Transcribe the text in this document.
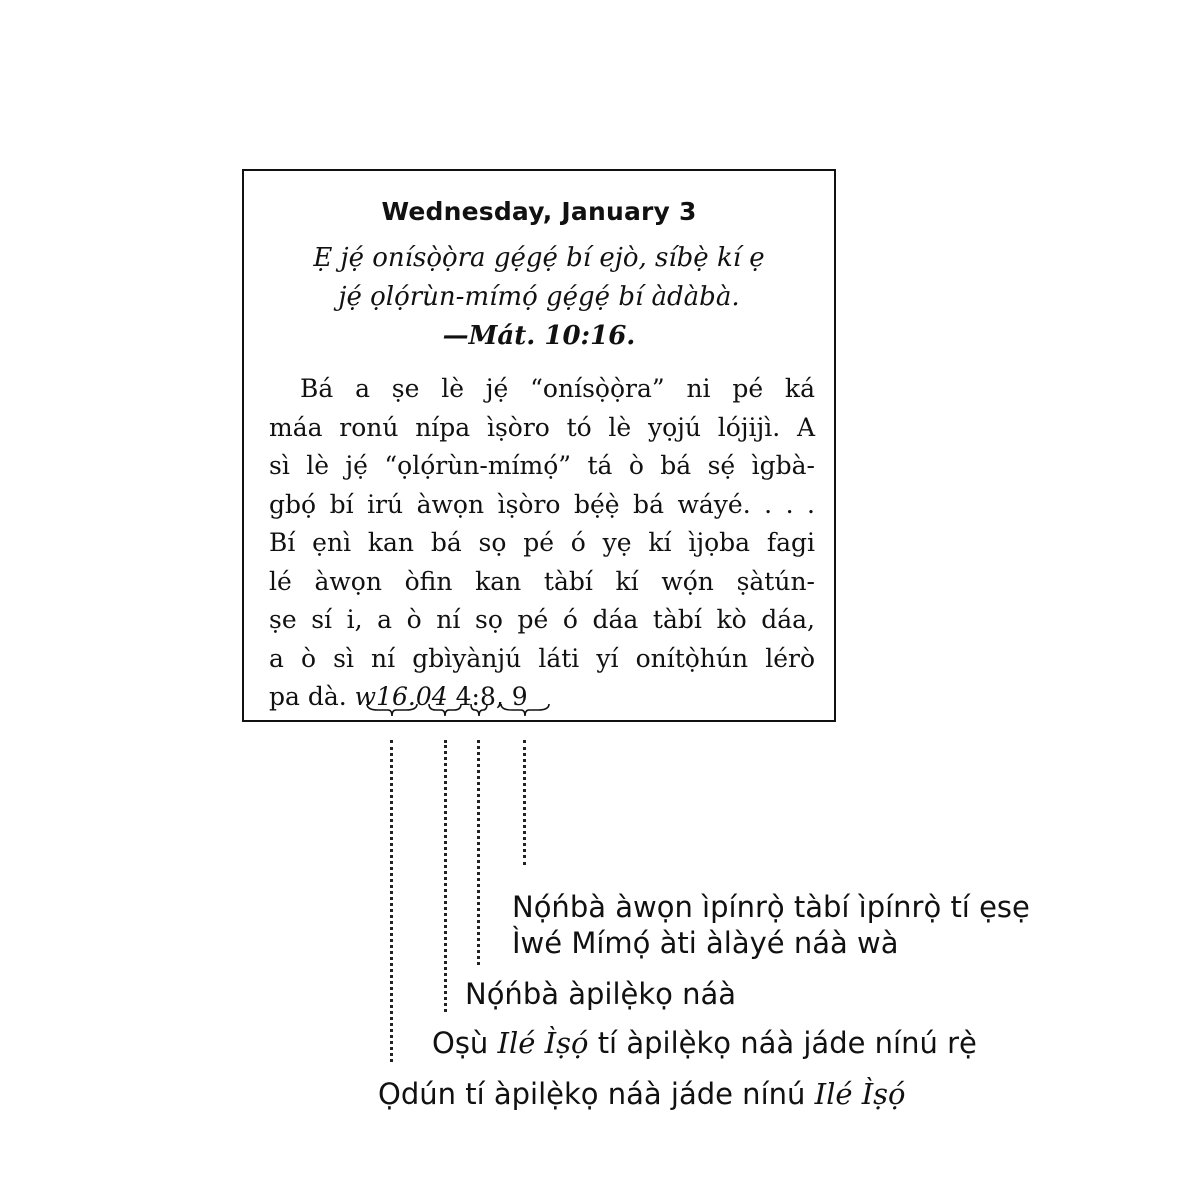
Wednesday, January 3
Ẹ jẹ́ onísọ̀ọ̀ra gẹ́gẹ́ bí ejò, síbẹ̀ kí ẹ
jẹ́ ọlọ́rùn-mímọ́ gẹ́gẹ́ bí àdàbà.
—Mát. 10:16.
Bá a ṣe lè jẹ́ “onísọ̀ọ̀ra” ni pé ká
máa ronú nípa ìṣòro tó lè yọjú lójijì. A
sì lè jẹ́ “ọlọ́rùn-mímọ́” tá ò bá sẹ́ ìgbà-
gbọ́ bí irú àwọn ìṣòro bẹ́ẹ̀ bá wáyé. . . .
Bí ẹnì kan bá sọ pé ó yẹ kí ìjọba fagi
lé àwọn òfin kan tàbí kí wọ́n ṣàtún-
ṣe sí i, a ò ní sọ pé ó dáa tàbí kò dáa,
a ò sì ní gbìyànjú láti yí onítọ̀hún lérò
pa dà. w16.04 4:8, 9
Nọ́ńbà àwọn ìpínrọ̀ tàbí ìpínrọ̀ tí ẹsẹ
Ìwé Mímọ́ àti àlàyé náà wà
Nọ́ńbà àpilẹ̀kọ náà
Oṣù Ilé Ìṣọ́ tí àpilẹ̀kọ náà jáde nínú rẹ̀
Ọdún tí àpilẹ̀kọ náà jáde nínú Ilé Ìṣọ́
